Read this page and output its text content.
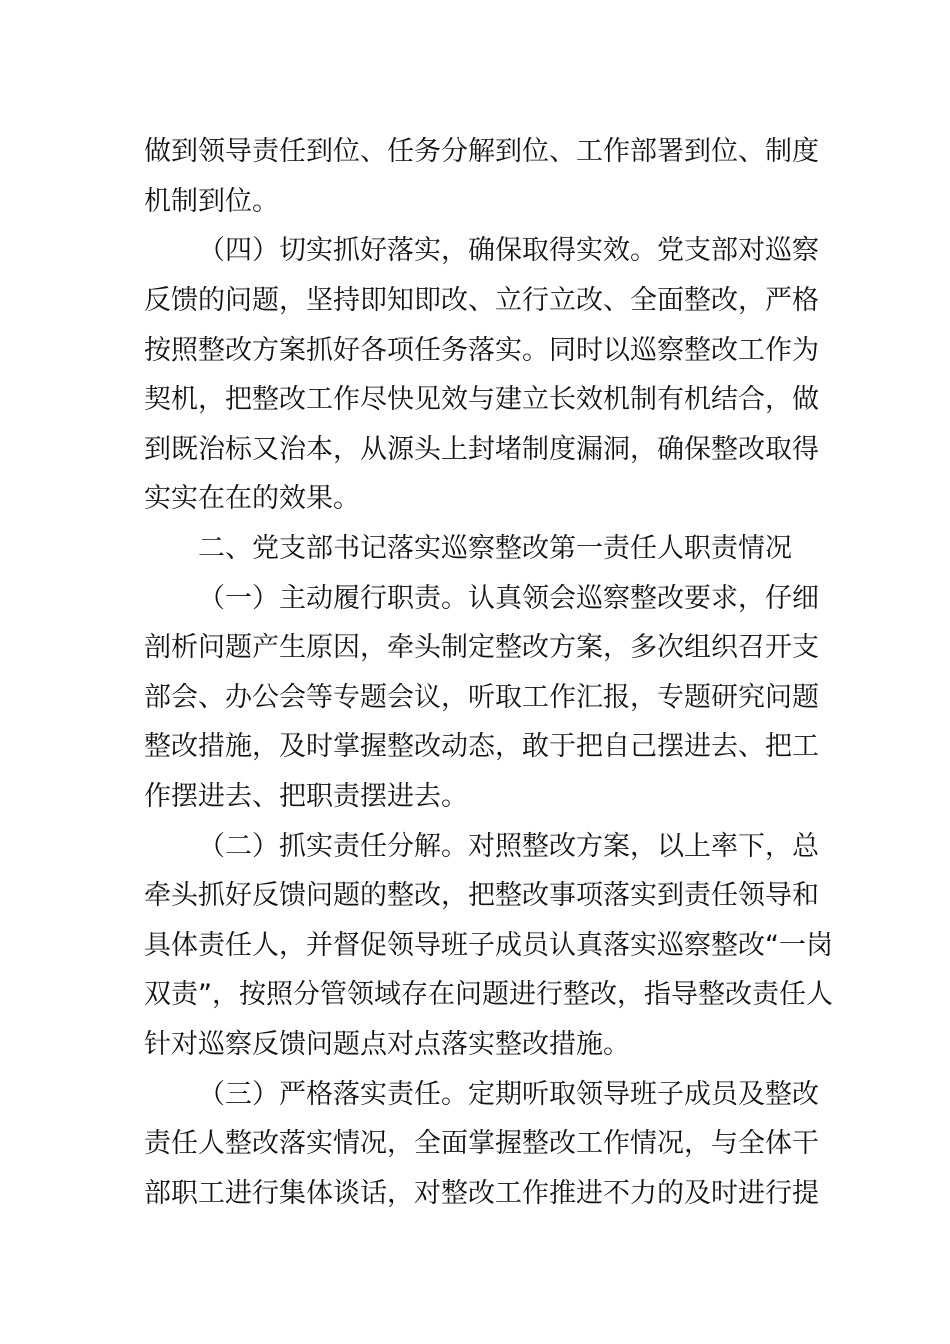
做到领导责任到位、任务分解到位、工作部署到位、制度
机制到位。
（四）切实抓好落实，确保取得实效。党支部对巡察
反馈的问题，坚持即知即改、立行立改、全面整改，严格
按照整改方案抓好各项任务落实。同时以巡察整改工作为
契机，把整改工作尽快见效与建立长效机制有机结合，做
到既治标又治本，从源头上封堵制度漏洞，确保整改取得
实实在在的效果。
二、党支部书记落实巡察整改第一责任人职责情况
（一）主动履行职责。认真领会巡察整改要求，仔细
剖析问题产生原因，牵头制定整改方案，多次组织召开支
部会、办公会等专题会议，听取工作汇报，专题研究问题
整改措施，及时掌握整改动态，敢于把自己摆进去、把工
作摆进去、把职责摆进去。
（二）抓实责任分解。对照整改方案，以上率下，总
牵头抓好反馈问题的整改，把整改事项落实到责任领导和
具体责任人，并督促领导班子成员认真落实巡察整改“一岗
双责”，按照分管领域存在问题进行整改，指导整改责任人
针对巡察反馈问题点对点落实整改措施。
（三）严格落实责任。定期听取领导班子成员及整改
责任人整改落实情况，全面掌握整改工作情况，与全体干
部职工进行集体谈话，对整改工作推进不力的及时进行提
